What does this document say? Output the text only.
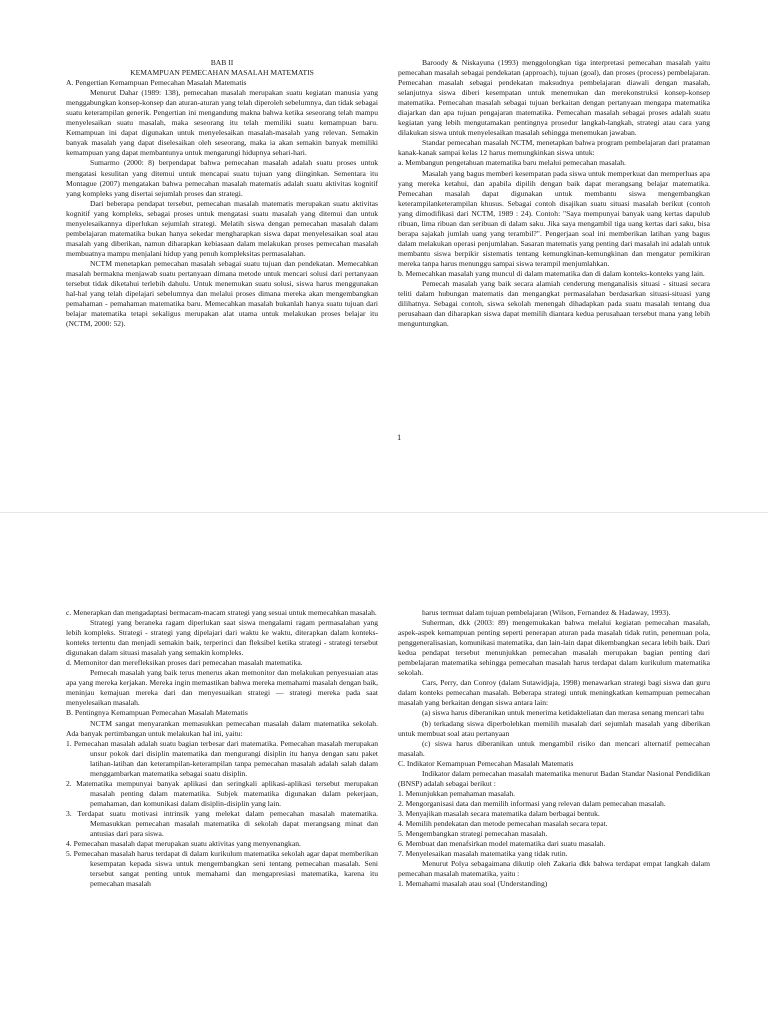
BAB II

KEMAMPUAN PEMECAHAN MASALAH MATEMATIS

A. Pengertian Kemampuan Pemecahan Masalah Matematis

Menurut Dahar (1989: 138), pemecahan masalah merupakan suatu kegiatan manusia yang menggabungkan konsep-konsep dan aturan-aturan yang telah diperoleh sebelumnya, dan tidak sebagai suatu keterampilan generik. Pengertian ini mengandung makna bahwa ketika seseorang telah mampu menyelesaikan suatu masalah, maka seseorang itu telah memiliki suatu kemampuan baru. Kemampuan ini dapat digunakan untuk menyelesaikan masalah-masalah yang relevan. Semakin banyak masalah yang dapat diselesaikan oleh seseorang, maka ia akan semakin banyak memiliki kemampuan yang dapat membantunya untuk mengarungi hidupnya sehari-hari.

Sumarmo (2000: 8) berpendapat bahwa pemecahan masalah adalah suatu proses untuk mengatasi kesulitan yang ditemui untuk mencapai suatu tujuan yang diinginkan. Sementara itu Montague (2007) mengatakan bahwa pemecahan masalah matematis adalah suatu aktivitas kognitif yang kompleks yang disertai sejumlah proses dan strategi.

Dari beberapa pendapat tersebut, pemecahan masalah matematis merupakan suatu aktivitas kognitif yang kompleks, sebagai proses untuk mengatasi suatu masalah yang ditemui dan untuk menyelesaikannya diperlukan sejumlah strategi. Melatih siswa dengan pemecahan masalah dalam pembelajaran matematika bukan hanya sekedar mengharapkan siswa dapat menyelesaikan soal atau masalah yang diberikan, namun diharapkan kebiasaan dalam melakukan proses pemecahan masalah membuatnya mampu menjalani hidup yang penuh kompleksitas permasalahan.

NCTM menetapkan pemecahan masalah sebagai suatu tujuan dan pendekatan. Memecahkan masalah bermakna menjawab suatu pertanyaan dimana metode untuk mencari solusi dari pertanyaan tersebut tidak diketahui terlebih dahulu. Untuk menemukan suatu solusi, siswa harus menggunakan hal-hal yang telah dipelajari sebelumnya dan melalui proses dimana mereka akan mengembangkan pemahaman - pemahaman matematika baru. Memecahkan masalah bukanlah hanya suatu tujuan dari belajar matematika tetapi sekaligus merupakan alat utama untuk melakukan proses belajar itu (NCTM, 2000: 52).

Baroody & Niskayuna (1993) menggolongkan tiga interpretasi pemecahan masalah yaitu pemecahan masalah sebagai pendekatan (approach), tujuan (goal), dan proses (process) pembelajaran. Pemecahan masalah sebagai pendekatan maksudnya pembelajaran diawali dengan masalah, selanjutnya siswa diberi kesempatan untuk menemukan dan merekonstruksi konsep-konsep matematika. Pemecahan masalah sebagai tujuan berkaitan dengan pertanyaan mengapa matematika diajarkan dan apa tujuan pengajaran matematika. Pemecahan masalah sebagai proses adalah suatu kegiatan yang lebih mengutamakan pentingnya prosedur langkah-langkah, strategi atau cara yang dilakukan siswa untuk menyelesaikan masalah sehingga menemukan jawaban.

Standar pemecahan masalah NCTM, menetapkan bahwa program pembelajaran dari prataman kanak-kanak sampai kelas 12 harus memungkinkan siswa untuk:

a. Membangun pengetahuan matematika baru melalui pemecahan masalah.

Masalah yang bagus memberi kesempatan pada siswa untuk memperkuat dan memperluas apa yang mereka ketahui, dan apabila dipilih dengan baik dapat merangsang belajar matematika. Pemecahan masalah dapat digunakan untuk membantu siswa mengembangkan keterampilanketerampilan khusus. Sebagai contoh disajikan suatu situasi masalah berikut (contoh yang dimodifikasi dari NCTM, 1989 : 24). Contoh: "Saya mempunyai banyak uang kertas dapulub ribuan, lima ribuan dan seribuan di dalam saku. Jika saya mengambil tiga uang kertas dari saku, bisa berapa sajakah jumlah uang yang terambil?". Pengerjaan soal ini memberikan latihan yang bagus dalam melakukan operasi penjumlahan. Sasaran matematis yang penting dari masalah ini adalah untuk membantu siswa berpikir sistematis tentang kemungkinan-kemungkinan dan mengatur pemikiran mereka tanpa harus menunggu sampai siswa terampil menjumlahkan.

b. Memecahkan masalah yang muncul di dalam matematika dan di dalam konteks-konteks yang lain.

Pemecah masalah yang baik secara alamiah cenderung menganalisis situasi - situasi secara teliti dalam hubungan matematis dan mengangkat permasalahan berdasarkan situasi-situasi yang dilihatnya. Sebagai contoh, siswa sekolah menengah dihadapkan pada suatu masalah tentang dua perusahaan dan diharapkan siswa dapat memilih diantara kedua perusahaan tersebut mana yang lebih menguntungkan.

1

c. Menerapkan dan mengadaptasi bermacam-macam strategi yang sesuai untuk memecahkan masalah.

Strategi yang beraneka ragam diperlukan saat siswa mengalami ragam permasalahan yang lebih kompleks. Strategi - strategi yang dipelajari dari waktu ke waktu, diterapkan dalam konteks-konteks tertentu dan menjadi semakin baik, terperinci dan fleksibel ketika strategi - strategi tersebut digunakan dalam situasi masalah yang semakin kompleks.

d. Memonitor dan merefleksikan proses dari pemecahan masalah matematika.

Pemecah masalah yang baik terus menerus akan memonitor dan melakukan penyesuaian atas apa yang mereka kerjakan. Mereka ingin memastikan bahwa mereka memahami masalah dengan baik, meninjau kemajuan mereka dari dan menyesuaikan strategi — strategi mereka pada saat menyelesaikan masalah.

B. Pentingnya Kemampuan Pemecahan Masalah Matematis

NCTM sangat menyarankan memasukkan pemecahan masalah dalam matematika sekolah. Ada banyak pertimbangan untuk melakukan hal ini, yaitu:

1. Pemecahan masalah adalah suatu bagian terbesar dari matematika. Pemecahan masalah merupakan unsur pokok dari disiplin matematika dan mengurangi disiplin itu hanya dengan satu paket latihan-latihan dan keterampilan-keterampilan tanpa pemecahan masalah adalah salah dalam menggambarkan matematika sebagai suatu disiplin.

2. Matematika mempunyai banyak aplikasi dan seringkali aplikasi-aplikasi tersebut merupakan masalah penting dalam matematika. Subjek matematika digunakan dalam pekerjaan, pemahaman, dan komunikasi dalam disiplin-disiplin yang lain.

3. Terdapat suatu motivasi intrinsik yang melekat dalam pemecahan masalah matematika. Memasukkan pemecahan masalah matematika di sekolah dapat merangsang minat dan antusias dari para siswa.

4. Pemecahan masalah dapat merupakan suatu aktivitas yang menyenangkan.

5. Pemecahan masalah harus terdapat di dalam kurikulum matematika sekolah agar dapat memberikan kesempatan kepada siswa untuk mengembangkan seni tentang pemecahan masalah. Seni tersebut sangat penting untuk memahami dan mengapresiasi matematika, karena itu pemecahan masalah

harus termuat dalam tujuan pembelajaran (Wilson, Fernandez & Hadaway, 1993).

Suherman, dkk (2003: 89) mengemukakan bahwa melalui kegiatan pemecahan masalah, aspek-aspek kemampuan penting seperti penerapan aturan pada masalah tidak rutin, penemuan pola, penggeneralisasian, komunikasi matematika, dan lain-lain dapat dikembangkan secara lebih baik. Dari kedua pendapat tersebut menunjukkan pemecahan masalah merupakan bagian penting dari pembelajaran matematika sehingga pemecahan masalah harus terdapat dalam kurikulum matematika sekolah.

Cars, Perry, dan Conroy (dalam Sutawidjaja, 1998) menawarkan strategi bagi siswa dan guru dalam konteks pemecahan masalah. Beberapa strategi untuk meningkatkan kemampuan pemecahan masalah yang berkaitan dengan siswa antara lain:

(a) siswa harus diberanikan untuk menerima ketidakteliatan dan merasa senang mencari tahu

(b) terkadang siswa diperbolehkan memilih masalah dari sejumlah masalah yang diberikan untuk membuat soal atau pertanyaan

(c) siswa harus diberanikan untuk mengambil risiko dan mencari alternatif pemecahan masalah.

C. Indikator Kemampuan Pemecahan Masalah Matematis

Indikator dalam pemecahan masalah matematika menurut Badan Standar Nasional Pendidikan (BNSP) adalah sebagai berikut :

1. Menunjukkan pemahaman masalah.

2. Mengorganisasi data dan memilih informasi yang relevan dalam pemecahan masalah.

3. Menyajikan masalah secara matematika dalam berbagai bentuk.

4. Memilih pendekatan dan metode pemecahan masalah secara tepat.

5. Mengembangkan strategi pemecahan masalah.

6. Membuat dan menafsirkan model matematika dari suatu masalah.

7. Menyelesaikan masalah matematika yang tidak rutin.

Menurut Polya sebagaimana dikutip oleh Zakaria dkk bahwa terdapat empat langkah dalam pemecahan masalah matematika, yaitu :

1. Memahami masalah atau soal (Understanding)
